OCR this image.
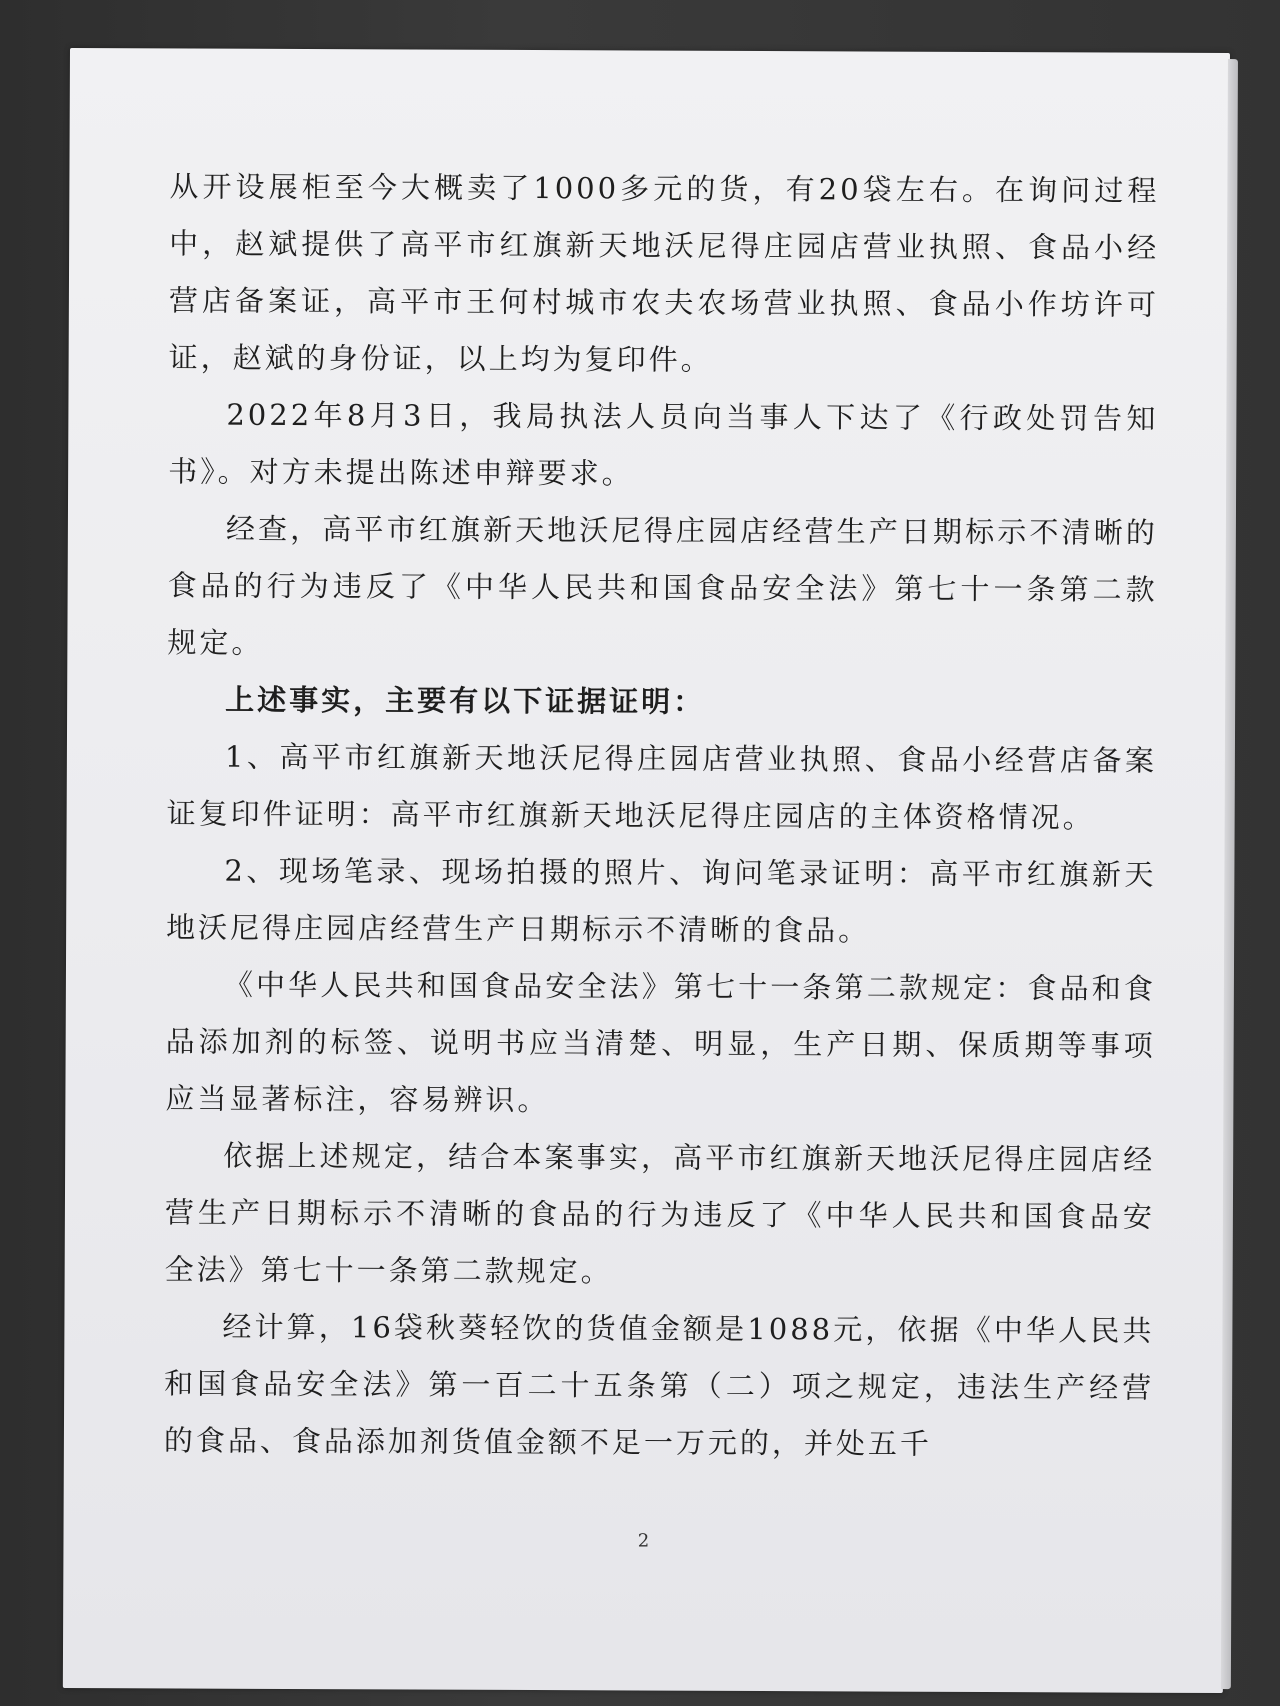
从开设展柜至今大概卖了1000多元的货，有20袋左右。在询问过程中，赵斌提供了高平市红旗新天地沃尼得庄园店营业执照、食品小经营店备案证，高平市王何村城市农夫农场营业执照、食品小作坊许可证，赵斌的身份证，以上均为复印件。

2022年8月3日，我局执法人员向当事人下达了《行政处罚告知书》。对方未提出陈述申辩要求。

经查，高平市红旗新天地沃尼得庄园店经营生产日期标示不清晰的食品的行为违反了《中华人民共和国食品安全法》第七十一条第二款规定。

上述事实，主要有以下证据证明：

1、高平市红旗新天地沃尼得庄园店营业执照、食品小经营店备案证复印件证明：高平市红旗新天地沃尼得庄园店的主体资格情况。

2、现场笔录、现场拍摄的照片、询问笔录证明：高平市红旗新天地沃尼得庄园店经营生产日期标示不清晰的食品。

《中华人民共和国食品安全法》第七十一条第二款规定：食品和食品添加剂的标签、说明书应当清楚、明显，生产日期、保质期等事项应当显著标注，容易辨识。

依据上述规定，结合本案事实，高平市红旗新天地沃尼得庄园店经营生产日期标示不清晰的食品的行为违反了《中华人民共和国食品安全法》第七十一条第二款规定。

经计算，16袋秋葵轻饮的货值金额是1088元，依据《中华人民共和国食品安全法》第一百二十五条第（二）项之规定，违法生产经营的食品、食品添加剂货值金额不足一万元的，并处五千

2
